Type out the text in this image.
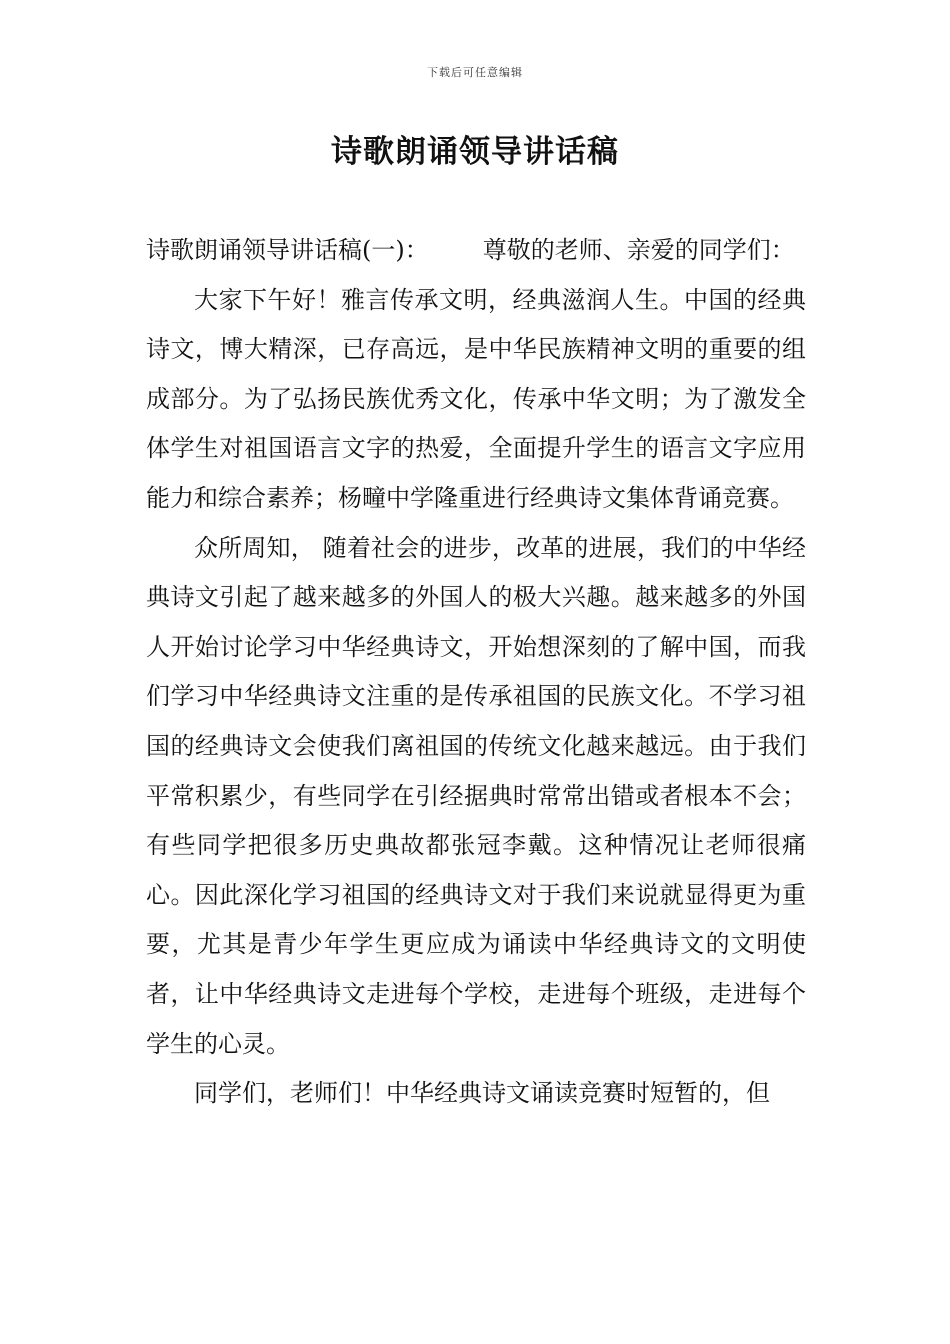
下载后可任意编辑
诗歌朗诵领导讲话稿

诗歌朗诵领导讲话稿(一)： 尊敬的老师、亲爱的同学们：

大家下午好！雅言传承文明，经典滋润人生。中国的经典诗文，博大精深，已存高远，是中华民族精神文明的重要的组成部分。为了弘扬民族优秀文化，传承中华文明；为了激发全体学生对祖国语言文字的热爱，全面提升学生的语言文字应用能力和综合素养；杨疃中学隆重进行经典诗文集体背诵竞赛。

众所周知， 随着社会的进步，改革的进展，我们的中华经典诗文引起了越来越多的外国人的极大兴趣。越来越多的外国人开始讨论学习中华经典诗文，开始想深刻的了解中国，而我们学习中华经典诗文注重的是传承祖国的民族文化。不学习祖国的经典诗文会使我们离祖国的传统文化越来越远。由于我们平常积累少，有些同学在引经据典时常常出错或者根本不会；有些同学把很多历史典故都张冠李戴。这种情况让老师很痛心。因此深化学习祖国的经典诗文对于我们来说就显得更为重要，尤其是青少年学生更应成为诵读中华经典诗文的文明使者，让中华经典诗文走进每个学校，走进每个班级，走进每个学生的心灵。

同学们，老师们！中华经典诗文诵读竞赛时短暂的，但
